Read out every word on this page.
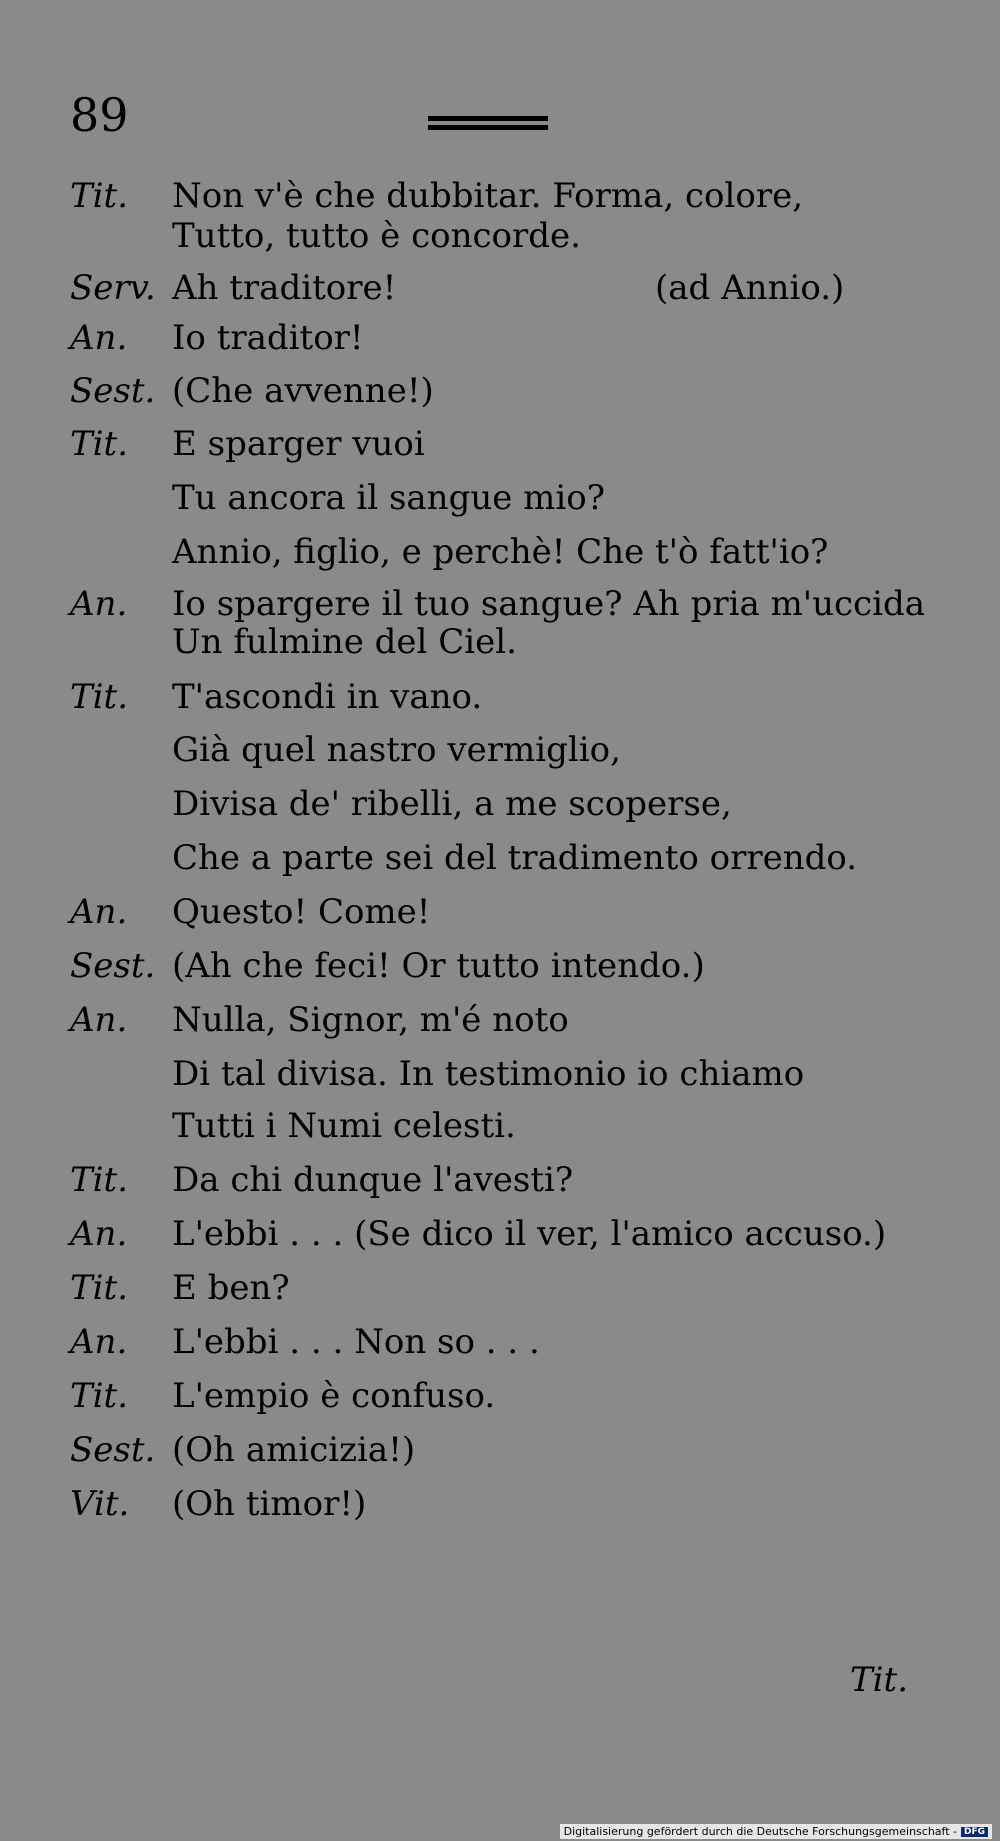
89
Tit.	Non v'è che dubbitar. Forma, colore,
Tutto, tutto è concorde.
Serv. Ah traditore!	(ad Annio.)
An.	Io traditor!
Sest. (Che avvenne!)
Tit.	E sparger vuoi
Tu ancora il sangue mio?
Annio, figlio, e perchè! Che t'ò fatt'io?
An.	Io spargere il tuo sangue? Ah pria m'uccida
Un fulmine del Ciel.
Tit.	T'ascondi in vano.
Già quel nastro vermiglio,
Divisa de' ribelli, a me scoperse,
Che a parte sei del tradimento orrendo.
An.	Questo! Come!
Sest. (Ah che feci! Or tutto intendo.)
An.	Nulla, Signor, m'é noto
Di tal divisa. In testimonio io chiamo
Tutti i Numi celesti.
Tit.	Da chi dunque l'avesti?
An.	L'ebbi . . . (Se dico il ver, l'amico accuso.)
Tit.	E ben?
An.	L'ebbi . . . Non so . . .
Tit.	L'empio è confuso.
Sest. (Oh amicizia!)
Vit.	(Oh timor!)
Tit.
Digitalisierung gefördert durch die Deutsche Forschungsgemeinschaft - DFG
